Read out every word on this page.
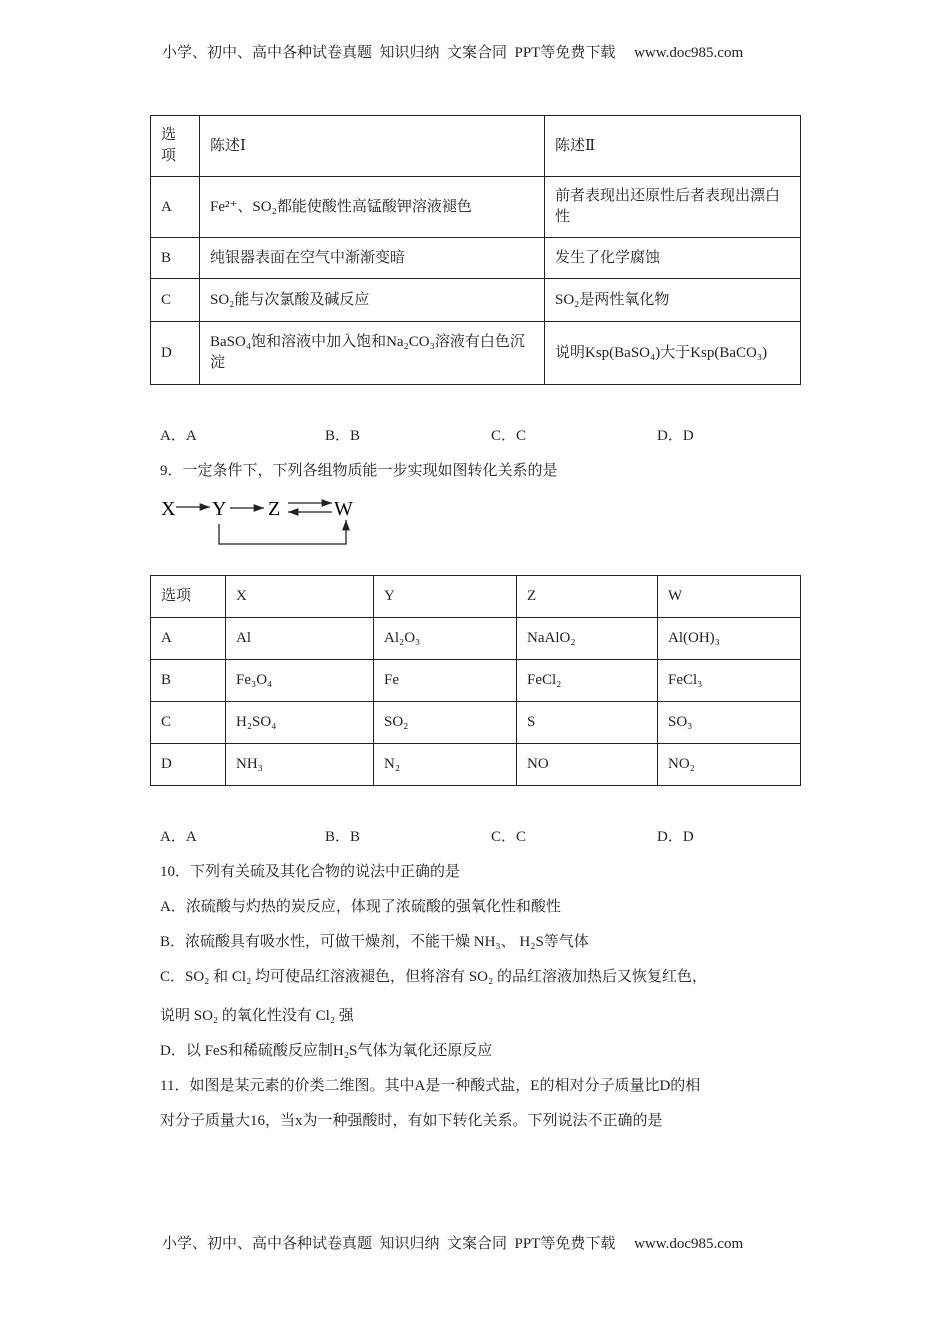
小学、初中、高中各种试卷真题  知识归纳  文案合同  PPT等免费下载     www.doc985.com
选项	陈述Ⅰ	陈述Ⅱ
A	Fe²⁺、SO₂都能使酸性高锰酸钾溶液褪色	前者表现出还原性后者表现出漂白性
B	纯银器表面在空气中渐渐变暗	发生了化学腐蚀
C	SO₂能与次氯酸及碱反应	SO₂是两性氧化物
D	BaSO₄饱和溶液中加入饱和Na₂CO₃溶液有白色沉淀	说明Ksp(BaSO₄)大于Ksp(BaCO₃)
A．A	B．B	C．C	D．D
9．一定条件下，下列各组物质能一步实现如图转化关系的是
X Y Z	W
选项	X	Y	Z	W
A	Al	Al₂O₃	NaAlO₂	Al(OH)₃
B	Fe₃O₄	Fe	FeCl₂	FeCl₃
C	H₂SO₄	SO₂	S	SO₃
D	NH₃	N₂	NO	NO₂
A．A	B．B	C．C	D．D
10．下列有关硫及其化合物的说法中正确的是
A．浓硫酸与灼热的炭反应，体现了浓硫酸的强氧化性和酸性
B．浓硫酸具有吸水性，可做干燥剂，不能干燥 NH₃、 H₂S等气体
C．SO₂ 和 Cl₂ 均可使品红溶液褪色，但将溶有 SO₂ 的品红溶液加热后又恢复红色，
说明 SO₂ 的氧化性没有 Cl₂ 强
D．以 FeS和稀硫酸反应制H₂S气体为氧化还原反应
11．如图是某元素的价类二维图。其中A是一种酸式盐，E的相对分子质量比D的相
对分子质量大16，当x为一种强酸时，有如下转化关系。下列说法不正确的是
小学、初中、高中各种试卷真题  知识归纳  文案合同  PPT等免费下载     www.doc985.com
